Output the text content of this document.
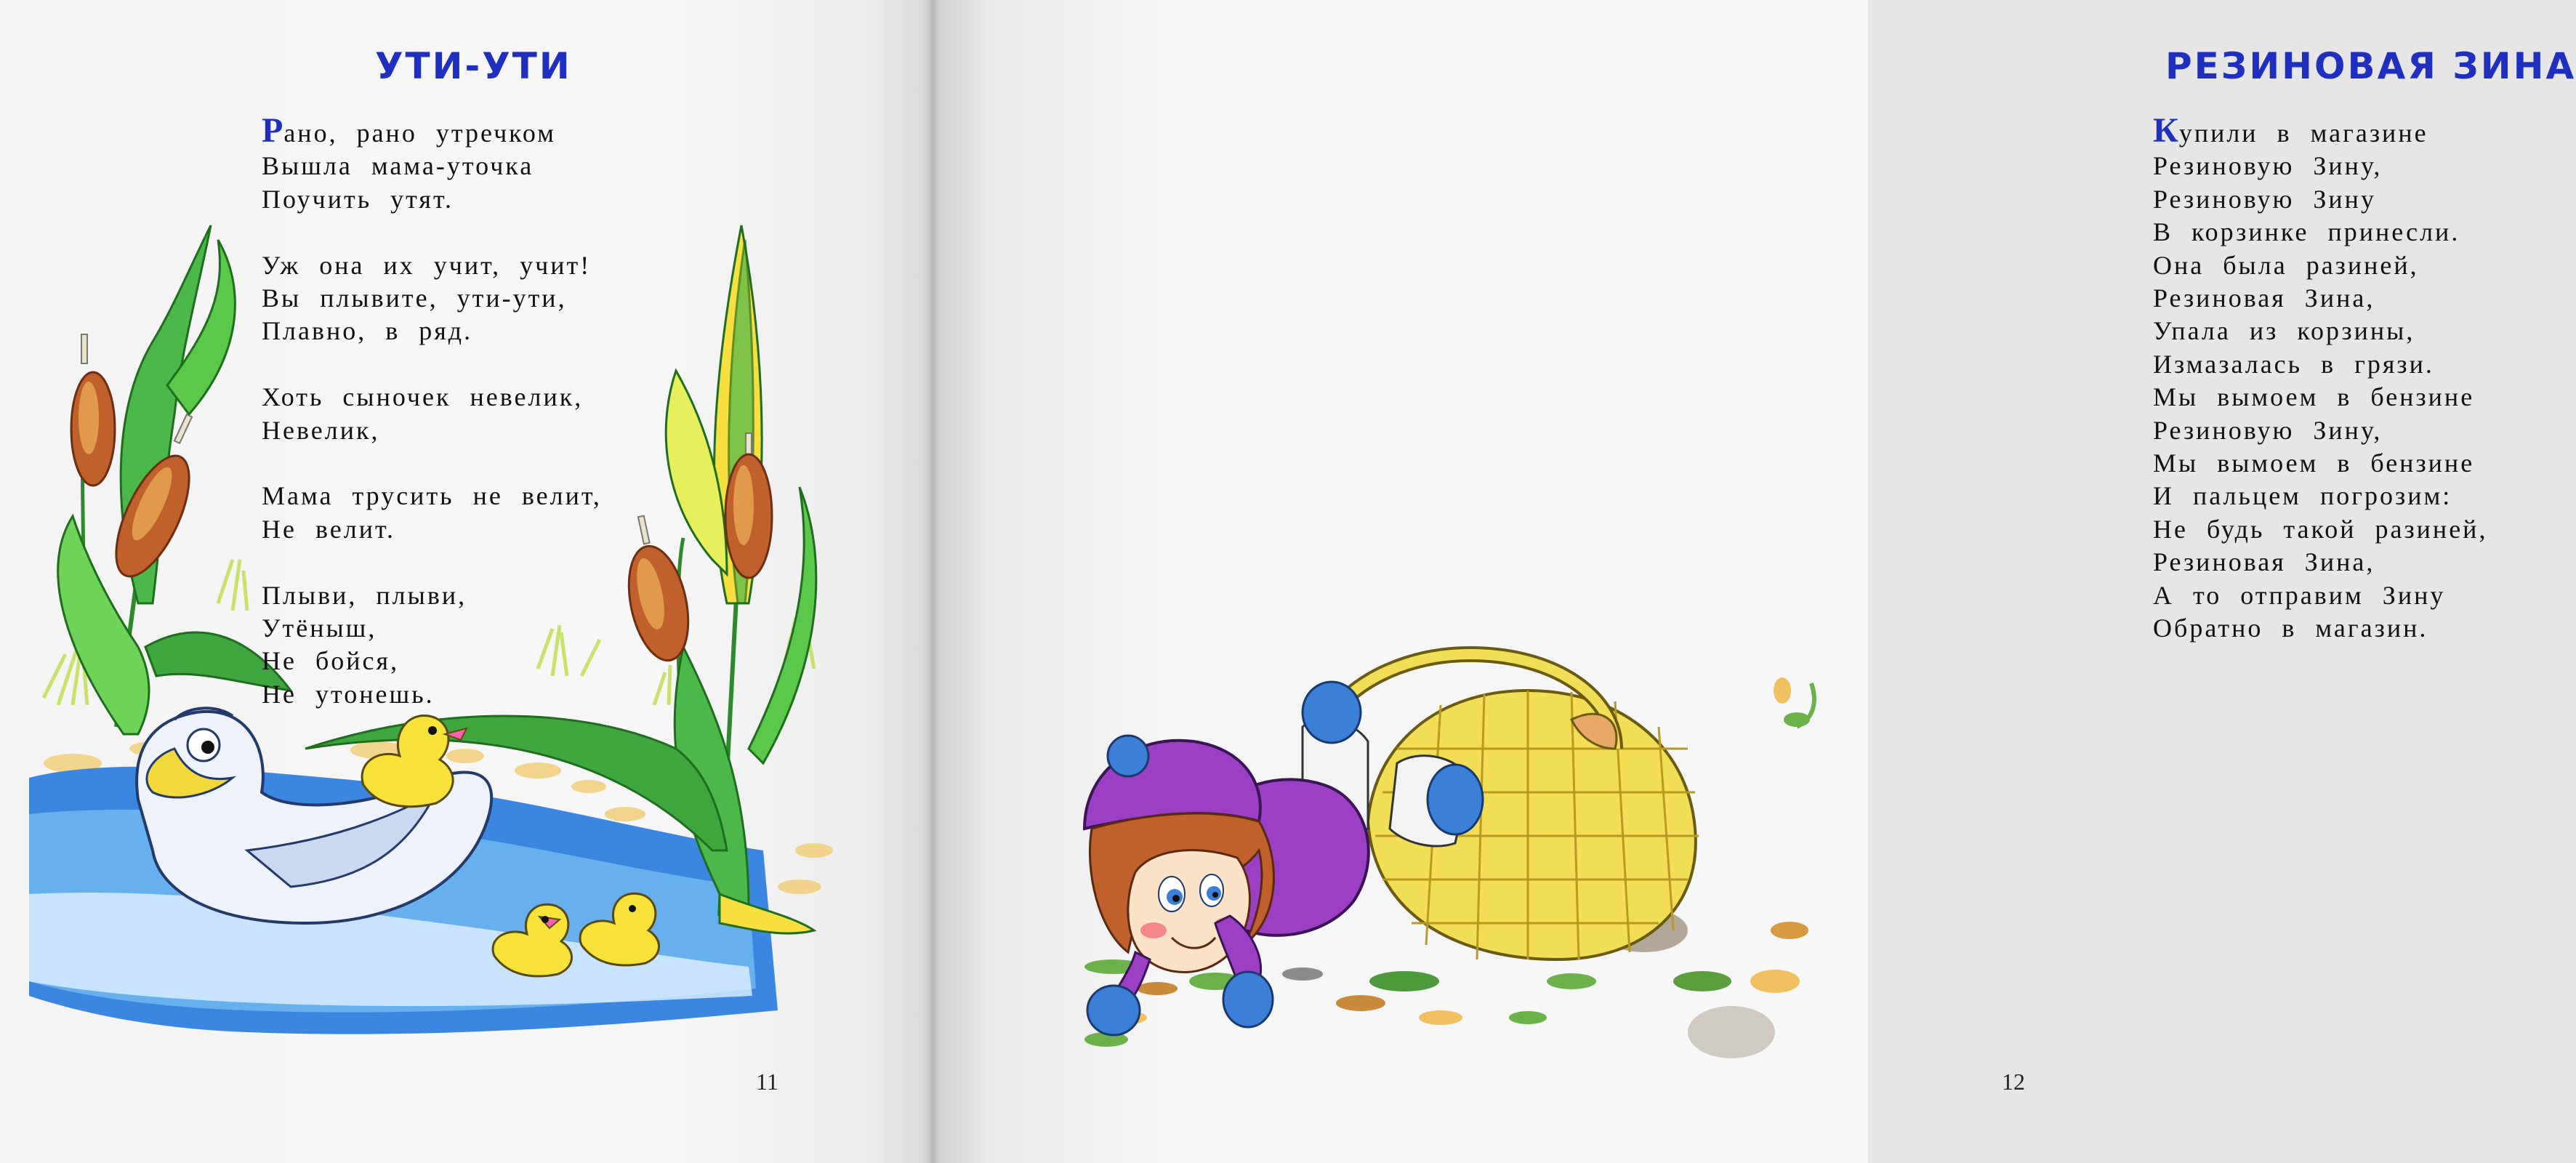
УТИ-УТИ
Рано, рано утречком
Вышла мама-уточка
Поучить утят.
Уж она их учит, учит!
Вы плывите, ути-ути,
Плавно, в ряд.
Хоть сыночек невелик,
Невелик,
Мама трусить не велит,
Не велит.
Плыви, плыви,
Утёныш,
Не бойся,
Не утонешь.
11
РЕЗИНОВАЯ ЗИНА
Купили в магазине
Резиновую Зину,
Резиновую Зину
В корзинке принесли.
Она была разиней,
Резиновая Зина,
Упала из корзины,
Измазалась в грязи.
Мы вымоем в бензине
Резиновую Зину,
Мы вымоем в бензине
И пальцем погрозим:
Не будь такой разиней,
Резиновая Зина,
А то отправим Зину
Обратно в магазин.
12
